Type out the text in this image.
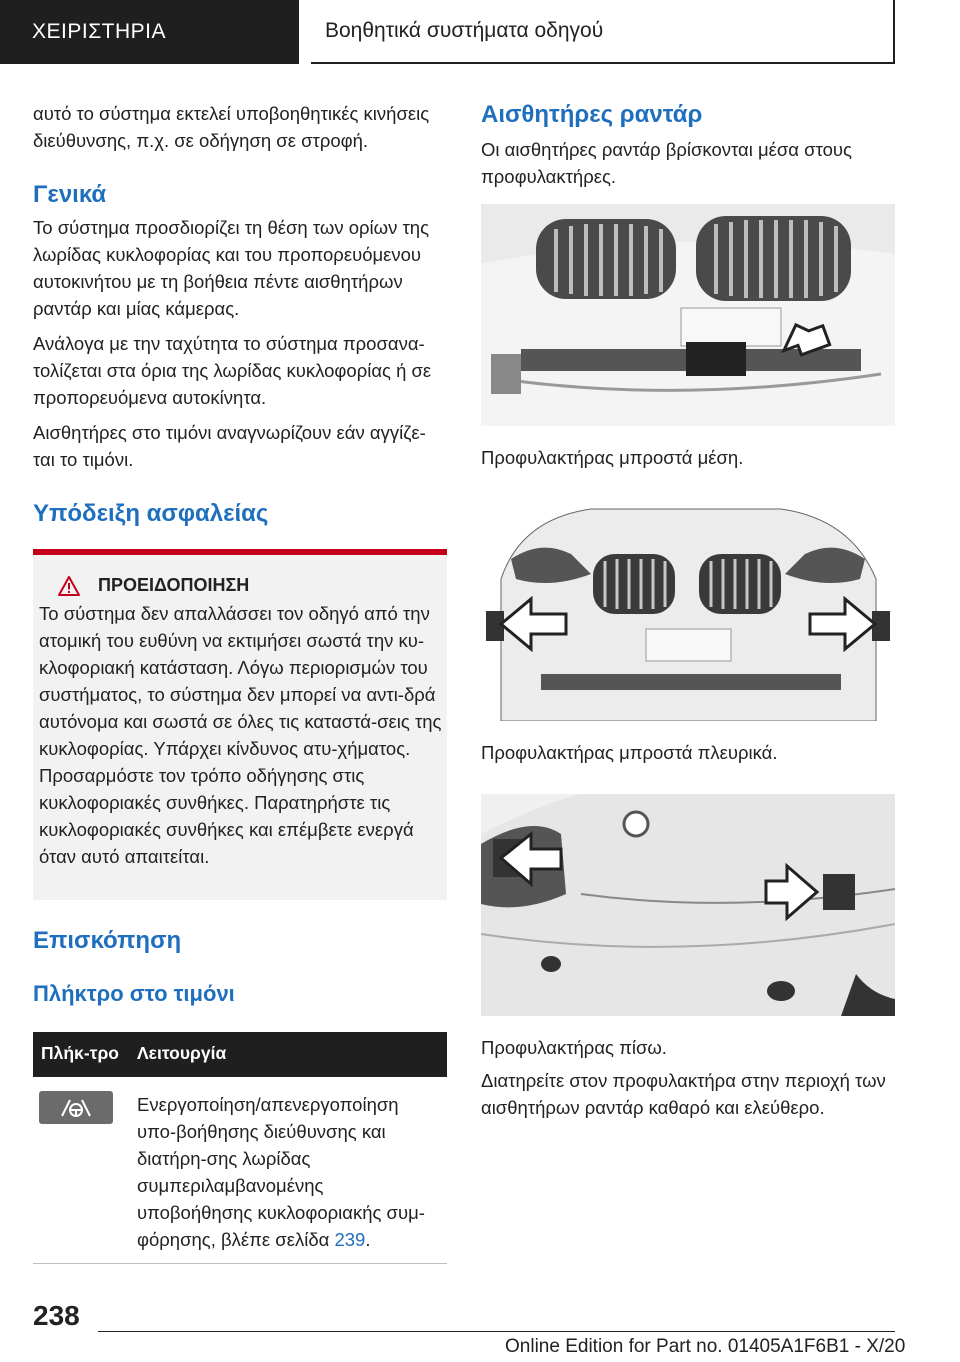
ΧΕΙΡΙΣΤΗΡΙΑ	Βοηθητικά συστήματα οδηγού

αυτό το σύστημα εκτελεί υποβοηθητικές κινήσεις διεύθυνσης, π.χ. σε οδήγηση σε στροφή.

Γενικά

Το σύστημα προσδιορίζει τη θέση των ορίων της λωρίδας κυκλοφορίας και του προπορευόμενου αυτοκινήτου με τη βοήθεια πέντε αισθητήρων ραντάρ και μίας κάμερας.

Ανάλογα με την ταχύτητα το σύστημα προσανα-τολίζεται στα όρια της λωρίδας κυκλοφορίας ή σε προπορευόμενα αυτοκίνητα.

Αισθητήρες στο τιμόνι αναγνωρίζουν εάν αγγίζε-ται το τιμόνι.

Υπόδειξη ασφαλείας
ΠΡΟΕΙΔΟΠΟΙΗΣΗ

Το σύστημα δεν απαλλάσσει τον οδηγό από την ατομική του ευθύνη να εκτιμήσει σωστά την κυ-κλοφοριακή κατάσταση. Λόγω περιορισμών του συστήματος, το σύστημα δεν μπορεί να αντι-δρά αυτόνομα και σωστά σε όλες τις καταστά-σεις της κυκλοφορίας. Υπάρχει κίνδυνος ατυ-χήματος. Προσαρμόστε τον τρόπο οδήγησης στις κυκλοφοριακές συνθήκες. Παρατηρήστε τις κυκλοφοριακές συνθήκες και επέμβετε ενεργά όταν αυτό απαιτείται.

Επισκόπηση
Πλήκτρο στο τιμόνι
Πλήκ-τρο	Λειτουργία

	Ενεργοποίηση/απενεργοποίηση υπο-βοήθησης διεύθυνσης και διατήρη-σης λωρίδας συμπεριλαμβανομένης υποβοήθησης κυκλοφοριακής συμ-φόρησης, βλέπε σελίδα 239.
Αισθητήρες ραντάρ

Οι αισθητήρες ραντάρ βρίσκονται μέσα στους προφυλακτήρες.

Προφυλακτήρας μπροστά μέση.

Προφυλακτήρας μπροστά πλευρικά.

Προφυλακτήρας πίσω.

Διατηρείτε στον προφυλακτήρα στην περιοχή των αισθητήρων ραντάρ καθαρό και ελεύθερο.

238
Online Edition for Part no. 01405A1F6B1 - X/20
